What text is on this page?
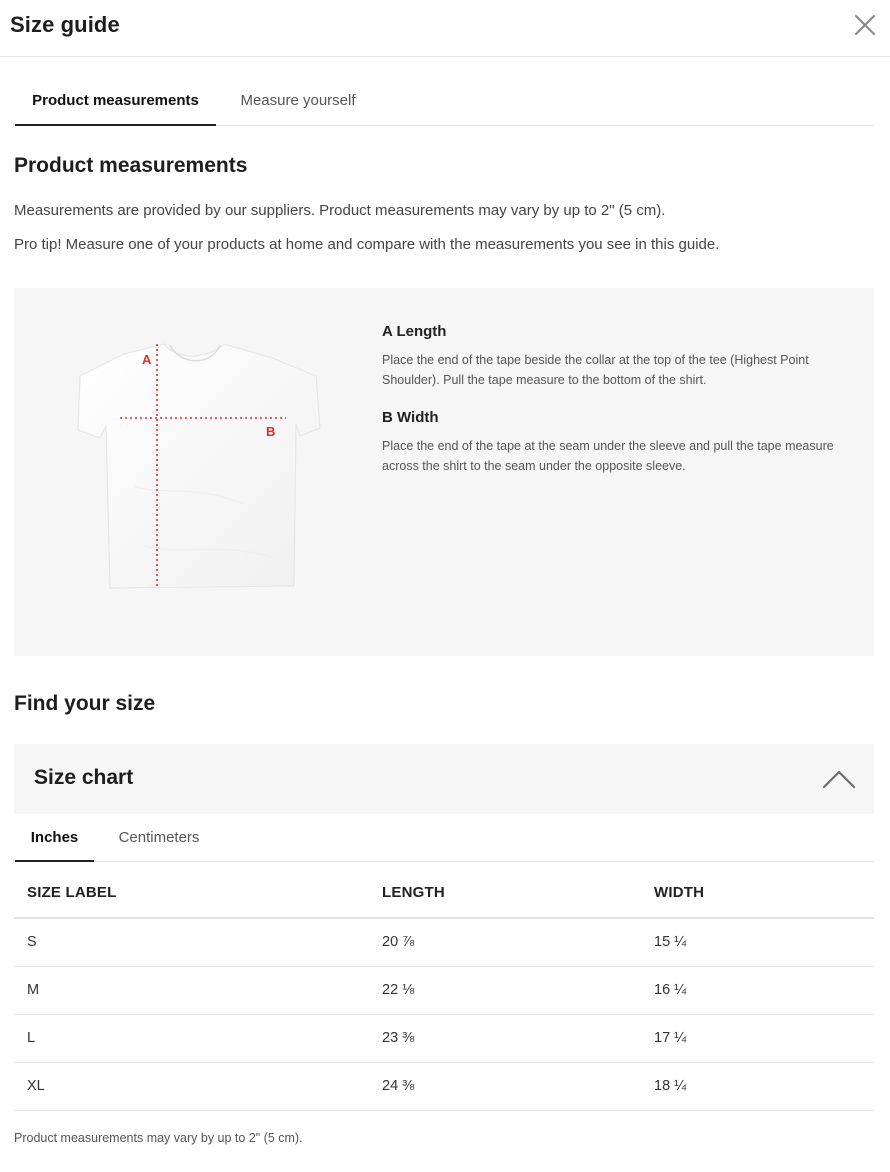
Size guide
Product measurements	Measure yourself
Product measurements
Measurements are provided by our suppliers. Product measurements may vary by up to 2" (5 cm).
Pro tip! Measure one of your products at home and compare with the measurements you see in this guide.
A
B
A Length
Place the end of the tape beside the collar at the top of the tee (Highest Point Shoulder). Pull the tape measure to the bottom of the shirt.
B Width
Place the end of the tape at the seam under the sleeve and pull the tape measure across the shirt to the seam under the opposite sleeve.
Find your size
Size chart
Inches	Centimeters
SIZE LABEL	LENGTH	WIDTH
S	20 ⅞	15 ¼
M	22 ⅛	16 ¼
L	23 ⅜	17 ¼
XL	24 ⅜	18 ¼
Product measurements may vary by up to 2" (5 cm).
